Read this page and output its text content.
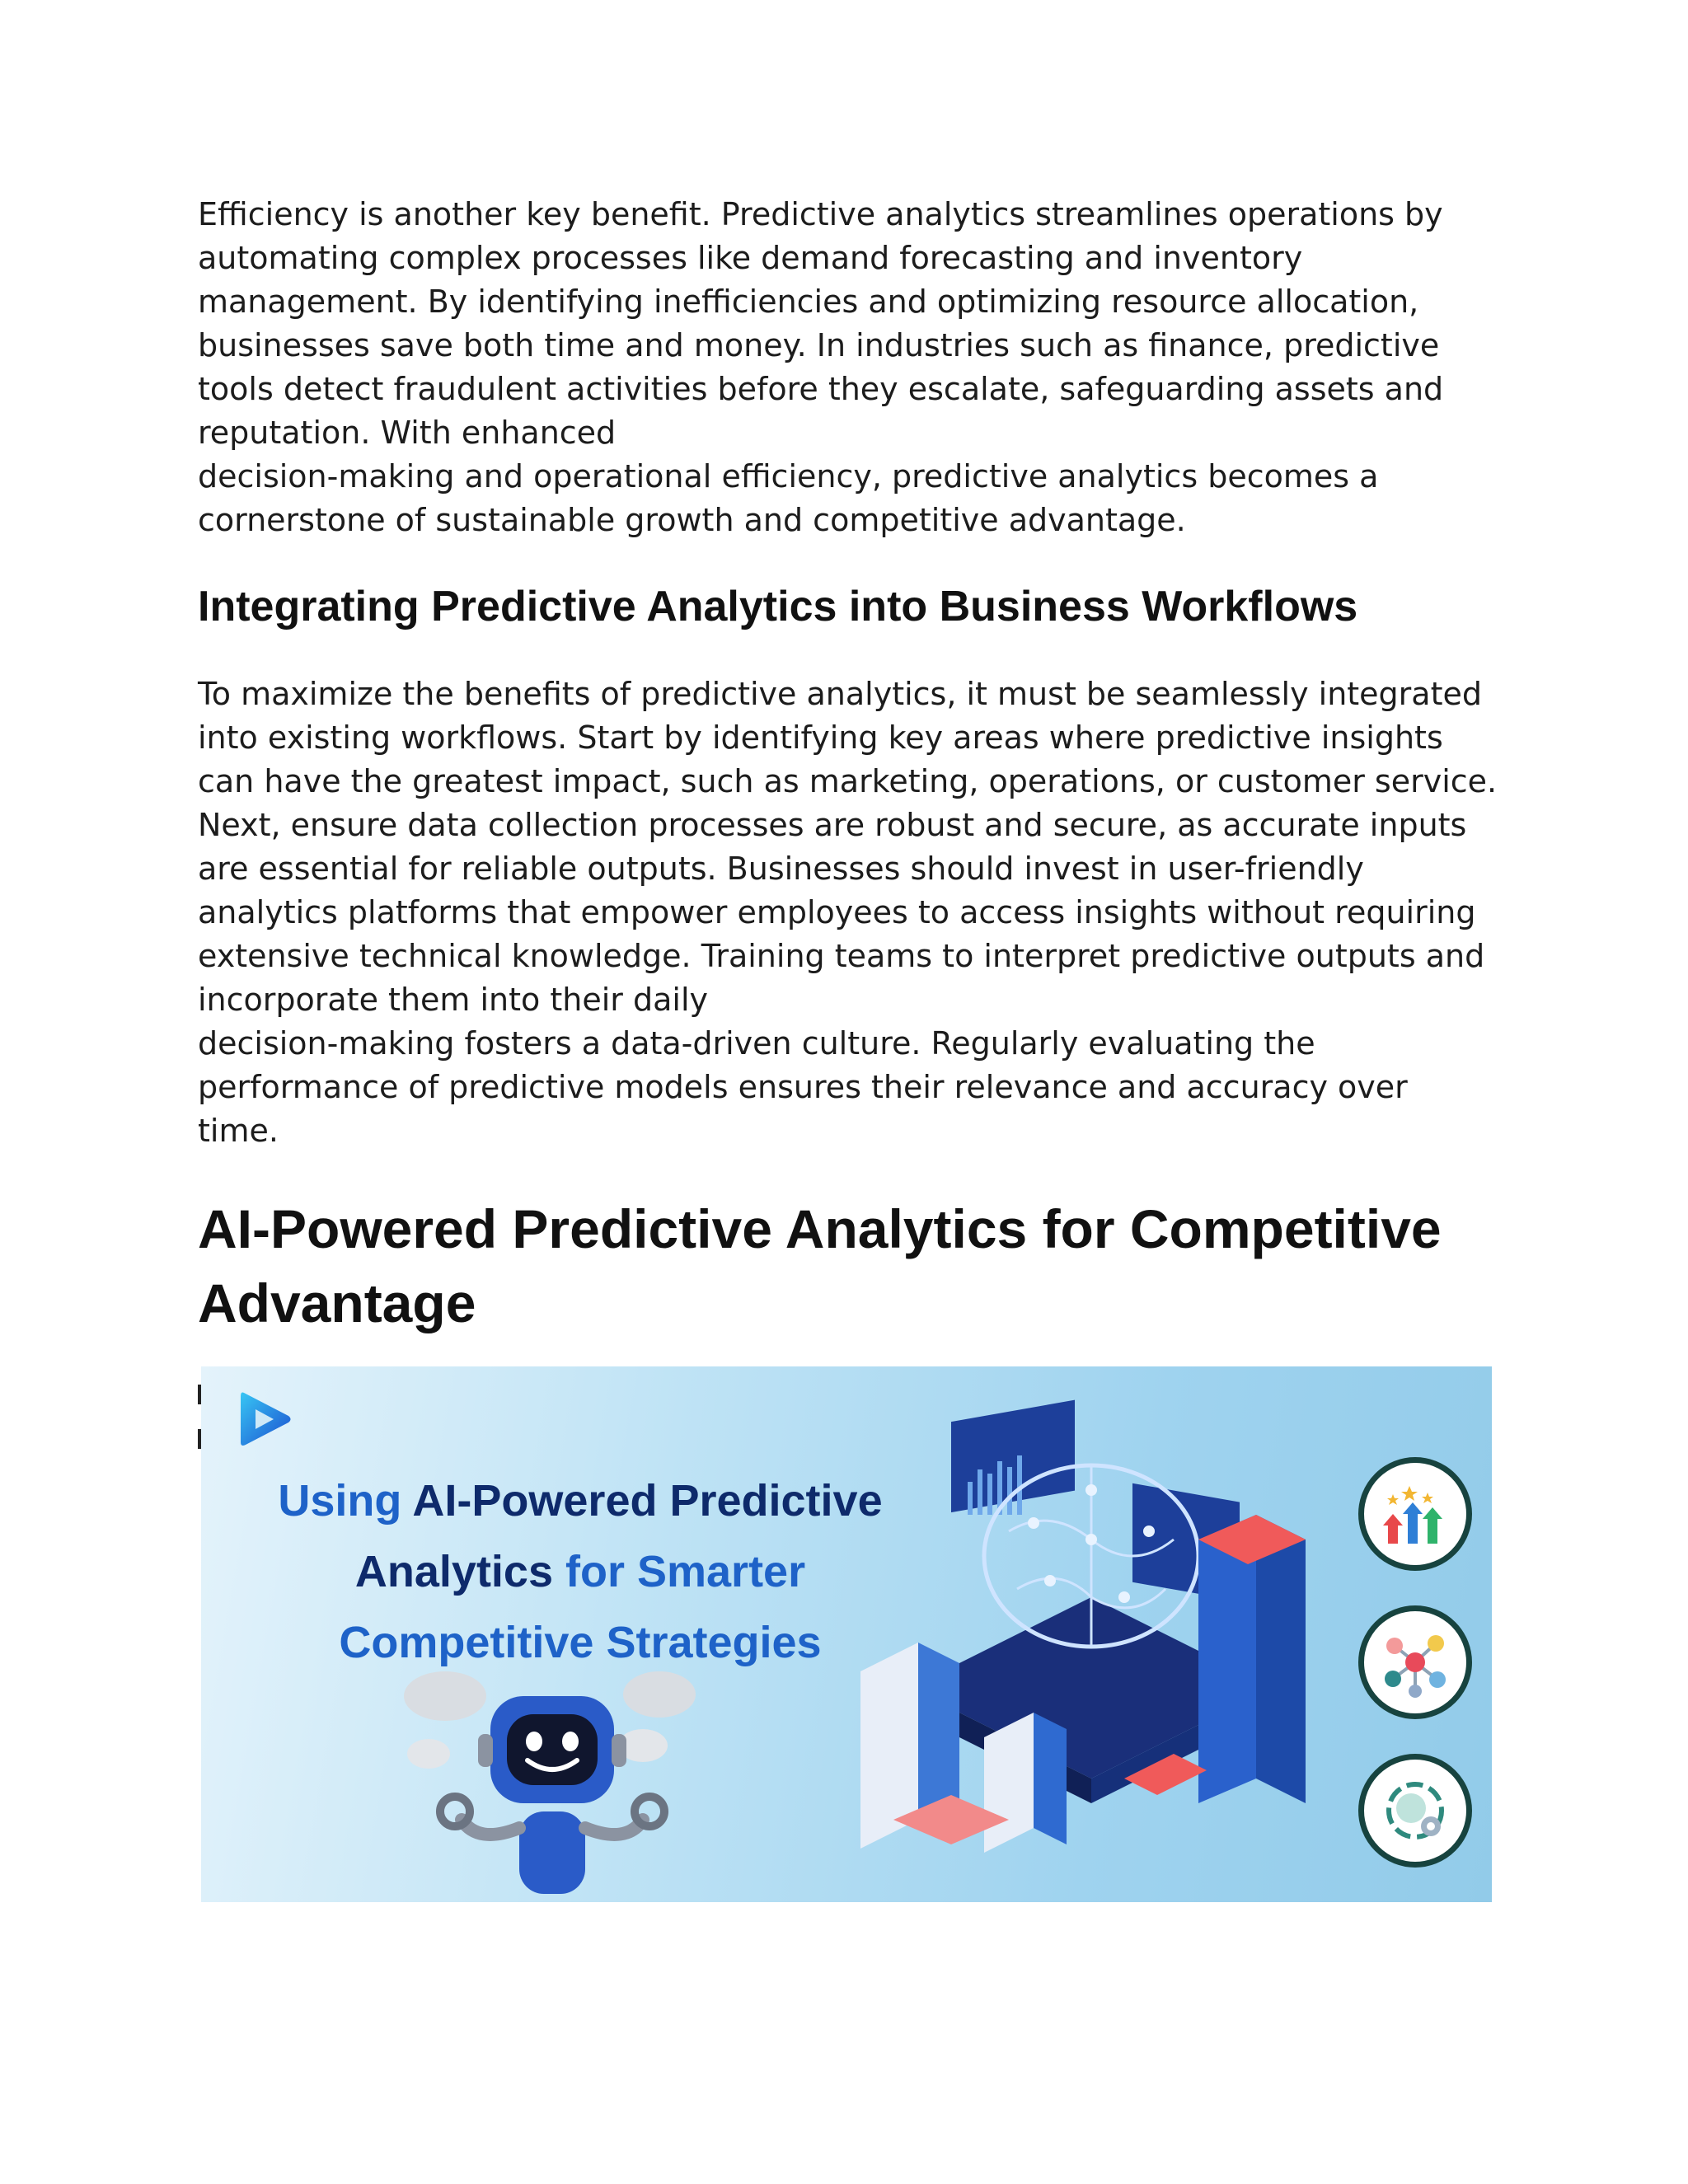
Efficiency is another key benefit. Predictive analytics streamlines operations by
automating complex processes like demand forecasting and inventory
management. By identifying inefficiencies and optimizing resource allocation,
businesses save both time and money. In industries such as finance, predictive
tools detect fraudulent activities before they escalate, safeguarding assets and
reputation. With enhanced
decision-making and operational efficiency, predictive analytics becomes a
cornerstone of sustainable growth and competitive advantage.

Integrating Predictive Analytics into Business Workflows

To maximize the benefits of predictive analytics, it must be seamlessly integrated
into existing workflows. Start by identifying key areas where predictive insights
can have the greatest impact, such as marketing, operations, or customer service.
Next, ensure data collection processes are robust and secure, as accurate inputs
are essential for reliable outputs. Businesses should invest in user-friendly
analytics platforms that empower employees to access insights without requiring
extensive technical knowledge. Training teams to interpret predictive outputs and
incorporate them into their daily
decision-making fosters a data-driven culture. Regularly evaluating the
performance of predictive models ensures their relevance and accuracy over
time.

AI-Powered Predictive Analytics for Competitive
Advantage
Using AI-Powered Predictive
Analytics for Smarter
Competitive Strategies
